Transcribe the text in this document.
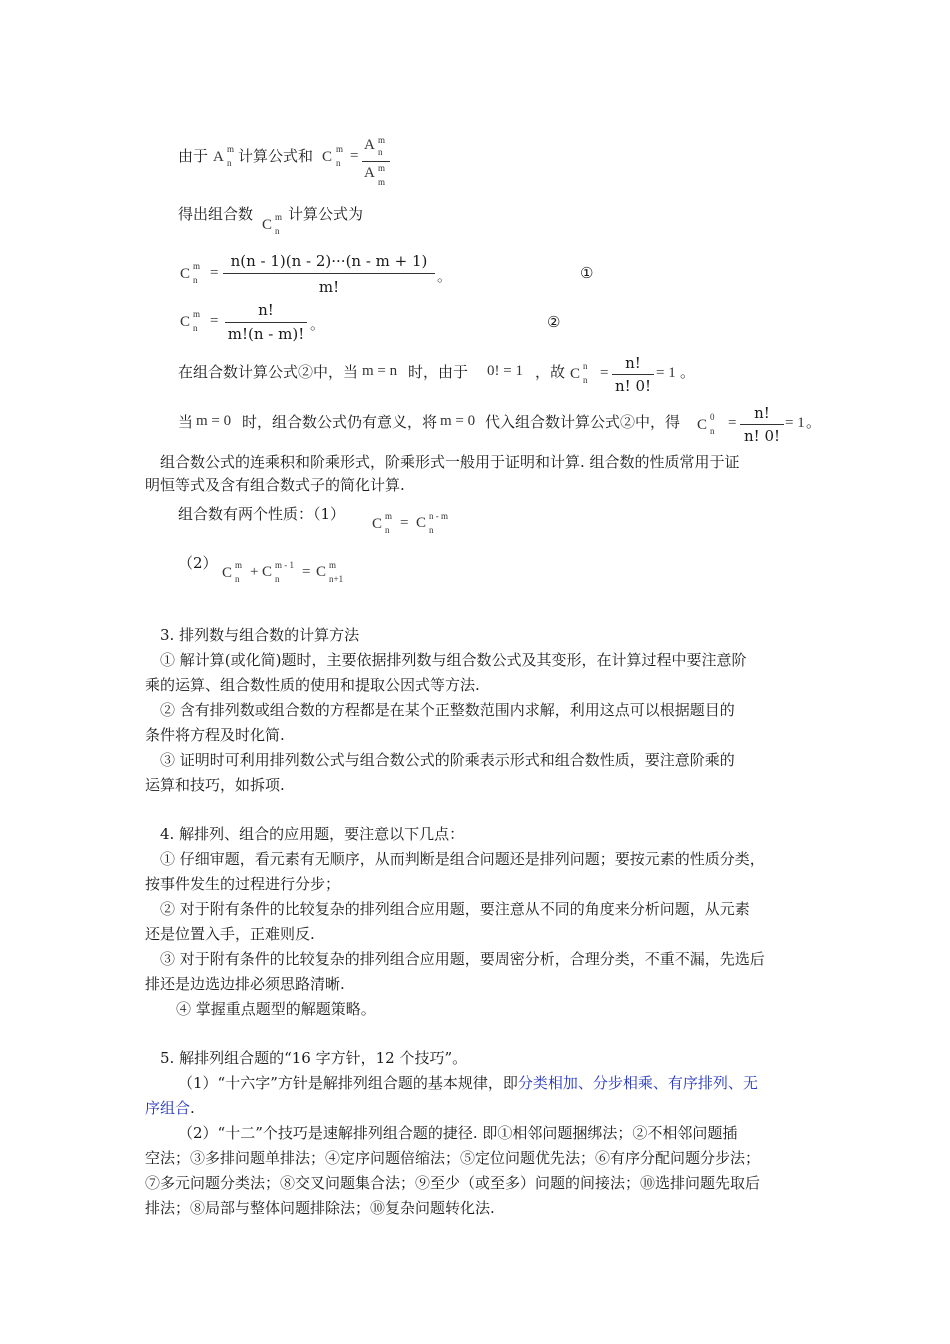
由于 A m
n 计算公式和 C m
n =
A m
n
A m
m
得出组合数
C m
n
计算公式为
C m
n =
n(n - 1)(n - 2)···(n - m + 1)
m!
。	①
C m
n =
n!
m!(n - m)! 。	②
在组合数计算公式②中，当 m = n 时，由于 0! = 1 ，故 C n
n =
n!
n! 0!
= 1 。
当 m = 0 时，组合数公式仍有意义，将 m = 0 代入组合数计算公式②中，得 C 0
n =
n!
n! 0!
= 1 。
组合数公式的连乘积和阶乘形式，阶乘形式一般用于证明和计算. 组合数的性质常用于证
明恒等式及含有组合数式子的简化计算.
组合数有两个性质：（1）
C m
n = C n - m
n
（2）
C m
n + C m - 1
n = C m
n+1
3. 排列数与组合数的计算方法
① 解计算(或化简)题时，主要依据排列数与组合数公式及其变形，在计算过程中要注意阶
乘的运算、组合数性质的使用和提取公因式等方法.
② 含有排列数或组合数的方程都是在某个正整数范围内求解，利用这点可以根据题目的
条件将方程及时化简.
③ 证明时可利用排列数公式与组合数公式的阶乘表示形式和组合数性质，要注意阶乘的
运算和技巧，如拆项.
4. 解排列、组合的应用题，要注意以下几点：
① 仔细审题，看元素有无顺序，从而判断是组合问题还是排列问题；要按元素的性质分类，
按事件发生的过程进行分步；
② 对于附有条件的比较复杂的排列组合应用题，要注意从不同的角度来分析问题，从元素
还是位置入手，正难则反.
③ 对于附有条件的比较复杂的排列组合应用题，要周密分析，合理分类，不重不漏，先选后
排还是边选边排必须思路清晰.
④ 掌握重点题型的解题策略。
5. 解排列组合题的“16 字方针，12 个技巧”。
（1）“十六字”方针是解排列组合题的基本规律，即分类相加、分步相乘、有序排列、无
序组合.
（2）“十二”个技巧是速解排列组合题的捷径. 即①相邻问题捆绑法；②不相邻问题插
空法；③多排问题单排法；④定序问题倍缩法；⑤定位问题优先法；⑥有序分配问题分步法；
⑦多元问题分类法；⑧交叉问题集合法；⑨至少（或至多）问题的间接法；⑩选排问题先取后
排法；⑧局部与整体问题排除法；⑩复杂问题转化法.
